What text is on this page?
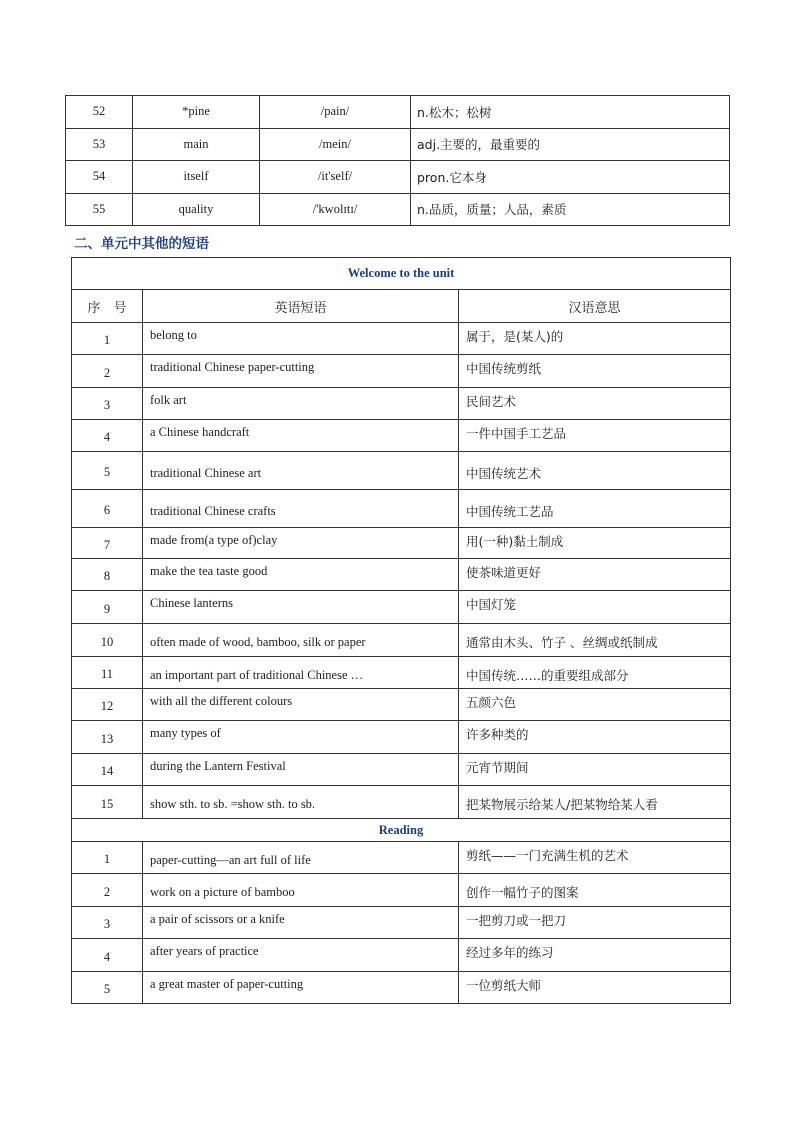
52	*pine	/pain/	n.松木；松树
53	main	/mein/	adj.主要的，最重要的
54	itself	/it'self/	pron.它本身
55	quality	/'kwolɪtɪ/	n.品质，质量；人品，素质
二、单元中其他的短语
Welcome to the unit		
序　号	英语短语	汉语意思
1	belong to	属于，是(某人)的
2	traditional Chinese paper-cutting	中国传统剪纸
3	folk art	民间艺术
4	a Chinese handcraft	一件中国手工艺品
5	traditional Chinese art	中国传统艺术
6	traditional Chinese crafts	中国传统工艺品
7	made from(a type of)clay	用(一种)黏土制成
8	make the tea taste good	使茶味道更好
9	Chinese lanterns	中国灯笼
10	often made of wood, bamboo, silk or paper	通常由木头、竹子 、丝绸或纸制成
11	an important part of traditional Chinese …	中国传统……的重要组成部分
12	with all the different colours	五颜六色
13	many types of	许多种类的
14	during the Lantern Festival	元宵节期间
15	show sth. to sb. =show sth. to sb.	把某物展示给某人/把某物给某人看
Reading		
1	paper-cutting—an art full of life	剪纸——一门充满生机的艺术
2	work on a picture of bamboo	创作一幅竹子的图案
3	a pair of scissors or a knife	一把剪刀或一把刀
4	after years of practice	经过多年的练习
5	a great master of paper-cutting	一位剪纸大师
